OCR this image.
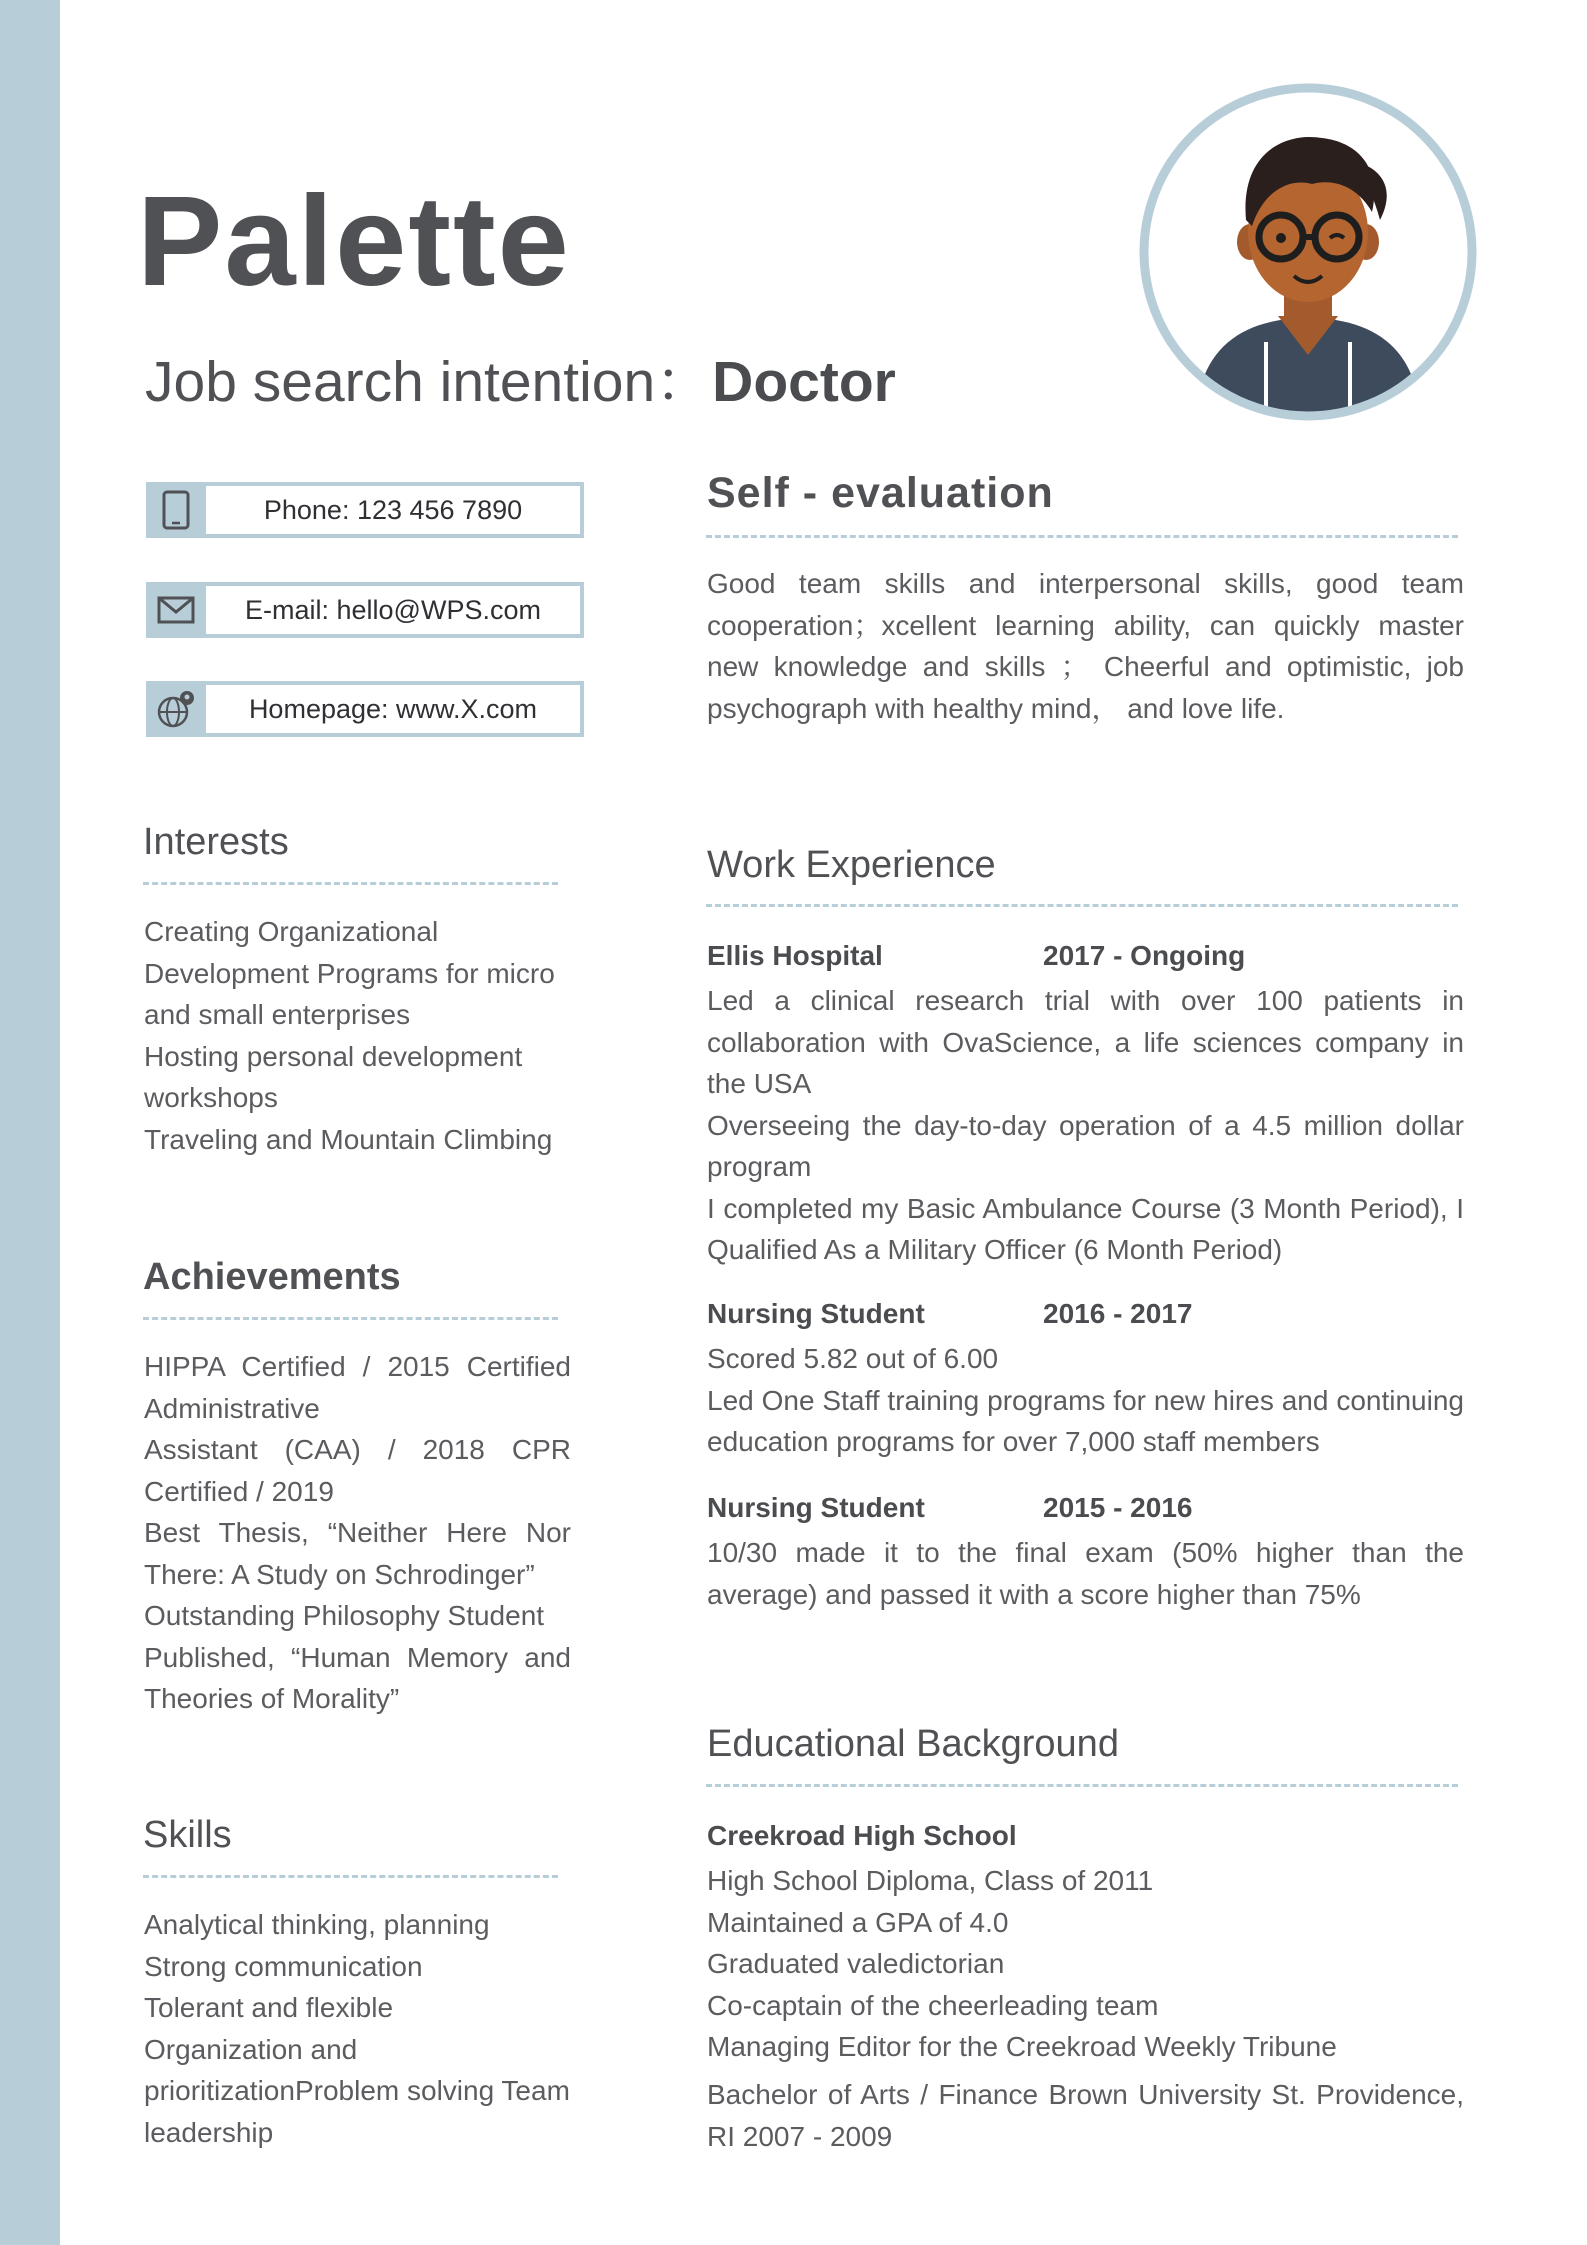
Palette
Job search intention：Doctor
Phone: 123 456 7890
E-mail: hello@WPS.com
Homepage: www.X.com
Self - evaluation
Good team skills and interpersonal skills, good team cooperation；xcellent learning ability, can quickly master new knowledge and skills ； Cheerful and optimistic, job psychograph with healthy mind， and love life.
Interests
Creating Organizational Development Programs for micro and small enterprises
Hosting personal development workshops
Traveling and Mountain Climbing
Achievements
HIPPA Certified / 2015 Certified Administrative
Assistant (CAA) / 2018 CPR Certified / 2019
Best Thesis, “Neither Here Nor There: A Study on Schrodinger”
Outstanding Philosophy Student
Published, “Human Memory and Theories of Morality”
Skills
Analytical thinking, planning
Strong communication
Tolerant and flexible
Organization and prioritizationProblem solving Team leadership
Work Experience
Ellis Hospital	2017 - Ongoing
Led a clinical research trial with over 100 patients in collaboration with OvaScience, a life sciences company in the USA
Overseeing the day-to-day operation of a 4.5 million dollar program
I completed my Basic Ambulance Course (3 Month Period), I Qualified As a Military Officer (6 Month Period)
Nursing Student	2016 - 2017
Scored 5.82 out of 6.00
Led One Staff training programs for new hires and continuing education programs for over 7,000 staff members
Nursing Student	2015 - 2016
10/30 made it to the final exam (50% higher than the average) and passed it with a score higher than 75%
Educational Background
Creekroad High School
High School Diploma, Class of 2011
Maintained a GPA of 4.0
Graduated valedictorian
Co-captain of the cheerleading team
Managing Editor for the Creekroad Weekly Tribune
Bachelor of Arts / Finance Brown University St. Providence, RI 2007 - 2009
